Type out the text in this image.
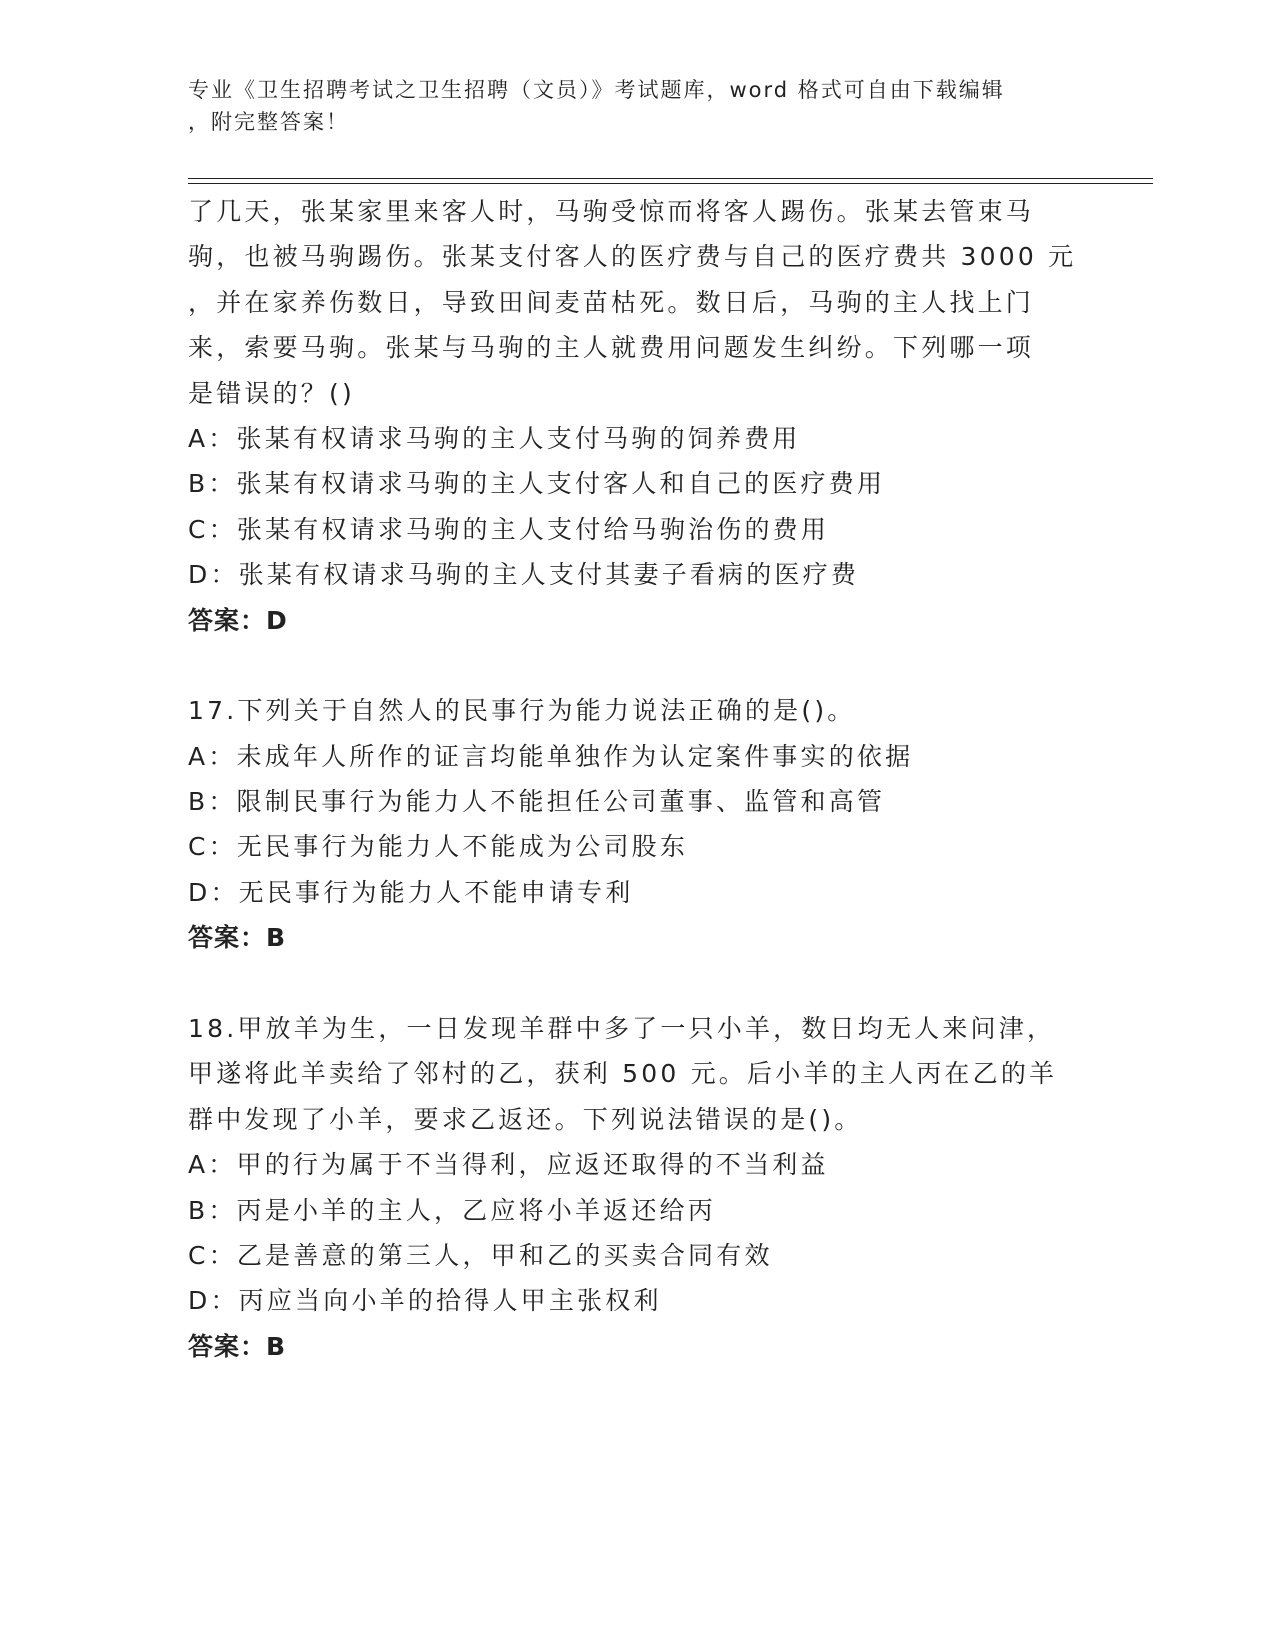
专业《卫生招聘考试之卫生招聘（文员）》考试题库，word 格式可自由下载编辑

，附完整答案！

了几天，张某家里来客人时，马驹受惊而将客人踢伤。张某去管束马
驹，也被马驹踢伤。张某支付客人的医疗费与自己的医疗费共 3000 元
，并在家养伤数日，导致田间麦苗枯死。数日后，马驹的主人找上门
来，索要马驹。张某与马驹的主人就费用问题发生纠纷。下列哪一项
是错误的？()
A：张某有权请求马驹的主人支付马驹的饲养费用
B：张某有权请求马驹的主人支付客人和自己的医疗费用
C：张某有权请求马驹的主人支付给马驹治伤的费用
D：张某有权请求马驹的主人支付其妻子看病的医疗费
答案：D
17.下列关于自然人的民事行为能力说法正确的是()。
A：未成年人所作的证言均能单独作为认定案件事实的依据
B：限制民事行为能力人不能担任公司董事、监管和高管
C：无民事行为能力人不能成为公司股东
D：无民事行为能力人不能申请专利
答案：B
18.甲放羊为生，一日发现羊群中多了一只小羊，数日均无人来问津，
甲遂将此羊卖给了邻村的乙，获利 500 元。后小羊的主人丙在乙的羊
群中发现了小羊，要求乙返还。下列说法错误的是()。
A：甲的行为属于不当得利，应返还取得的不当利益
B：丙是小羊的主人，乙应将小羊返还给丙
C：乙是善意的第三人，甲和乙的买卖合同有效
D：丙应当向小羊的拾得人甲主张权利
答案：B
